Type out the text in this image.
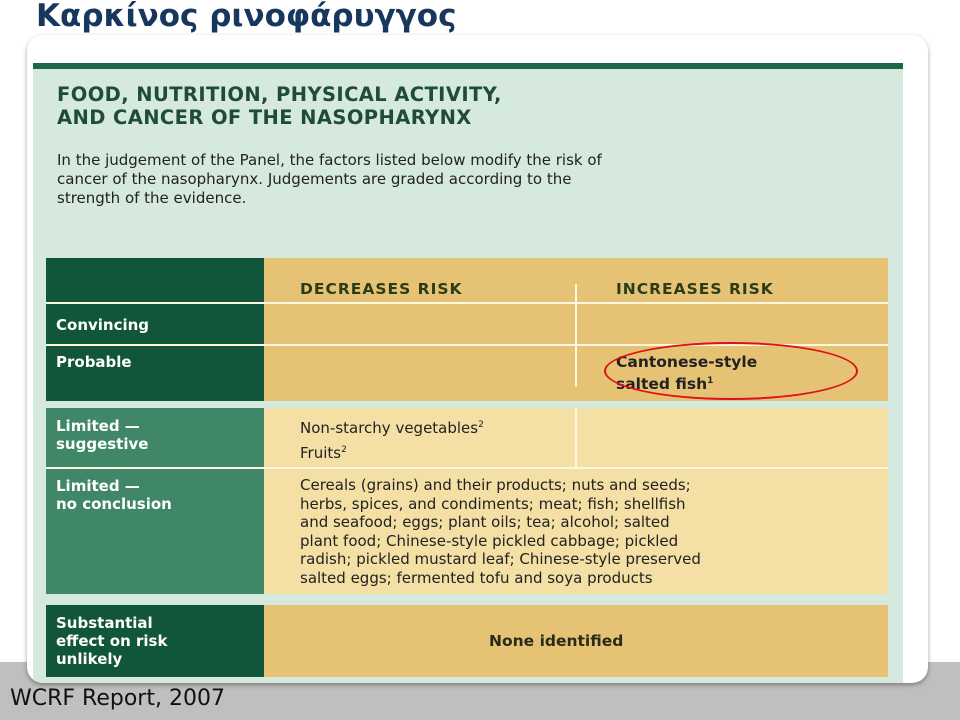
Καρκίνος ρινοφάρυγγος
WCRF Report, 2007
FOOD, NUTRITION, PHYSICAL ACTIVITY,
AND CANCER OF THE NASOPHARYNX

In the judgement of the Panel, the factors listed below modify the risk of
cancer of the nasopharynx. Judgements are graded according to the
strength of the evidence.

Convincing

Probable

DECREASES RISK	INCREASES RISK

Cantonese-style
salted fish$^1$

Limited —
suggestive

Limited —
no conclusion

Non-starchy vegetables$^2$
Fruits$^2$

Cereals (grains) and their products; nuts and seeds;
herbs, spices, and condiments; meat; fish; shellfish
and seafood; eggs; plant oils; tea; alcohol; salted
plant food; Chinese-style pickled cabbage; pickled
radish; pickled mustard leaf; Chinese-style preserved
salted eggs; fermented tofu and soya products

Substantial
effect on risk
unlikely

None identified
